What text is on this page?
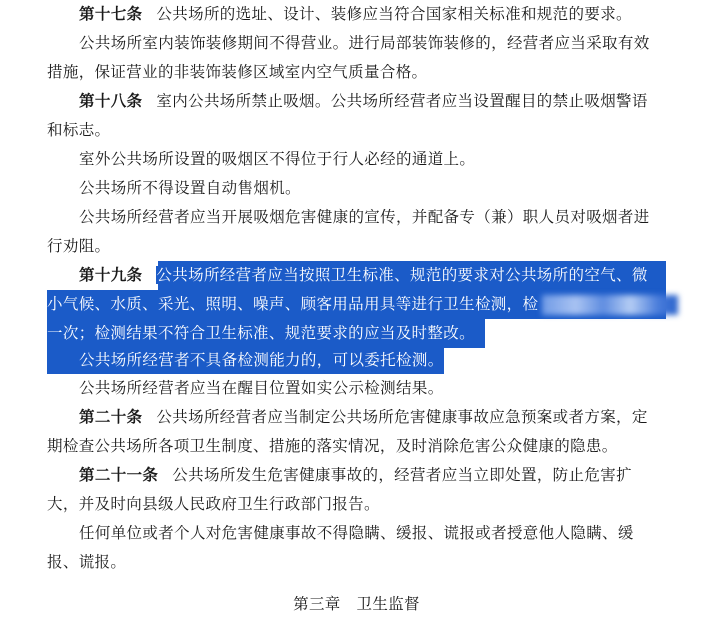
第十七条 公共场所的选址、设计、装修应当符合国家相关标准和规范的要求。
公共场所室内装饰装修期间不得营业。进行局部装饰装修的，经营者应当采取有效
措施，保证营业的非装饰装修区域室内空气质量合格。
第十八条 室内公共场所禁止吸烟。公共场所经营者应当设置醒目的禁止吸烟警语
和标志。
室外公共场所设置的吸烟区不得位于行人必经的通道上。
公共场所不得设置自动售烟机。
公共场所经营者应当开展吸烟危害健康的宣传，并配备专（兼）职人员对吸烟者进
行劝阻。
第十九条 公共场所经营者应当按照卫生标准、规范的要求对公共场所的空气、微
小气候、水质、采光、照明、噪声、顾客用品用具等进行卫生检测，检
一次；检测结果不符合卫生标准、规范要求的应当及时整改。
公共场所经营者不具备检测能力的，可以委托检测。
公共场所经营者应当在醒目位置如实公示检测结果。
第二十条 公共场所经营者应当制定公共场所危害健康事故应急预案或者方案，定
期检查公共场所各项卫生制度、措施的落实情况，及时消除危害公众健康的隐患。
第二十一条 公共场所发生危害健康事故的，经营者应当立即处置，防止危害扩
大，并及时向县级人民政府卫生行政部门报告。
任何单位或者个人对危害健康事故不得隐瞒、缓报、谎报或者授意他人隐瞒、缓
报、谎报。
第三章　卫生监督
